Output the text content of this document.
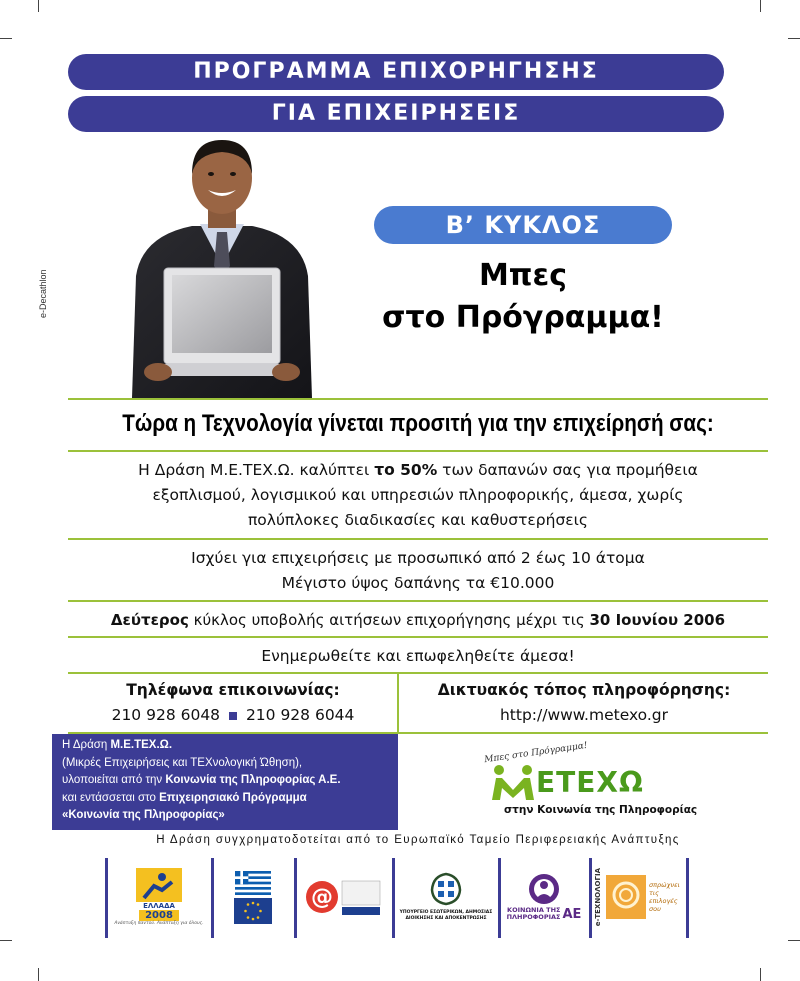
ΠΡΟΓΡΑΜΜΑ ΕΠΙΧΟΡΗΓΗΣΗΣ
ΓΙΑ ΕΠΙΧΕΙΡΗΣΕΙΣ
e-Decathlon
Β’ ΚΥΚΛΟΣ
Μπες
στο Πρόγραμμα!
Τώρα η Τεχνολογία γίνεται προσιτή για την επιχείρησή σας:
Η Δράση Μ.Ε.ΤΕΧ.Ω. καλύπτει το 50% των δαπανών σας για προμήθεια
εξοπλισμού, λογισμικού και υπηρεσιών πληροφορικής, άμεσα, χωρίς
πολύπλοκες διαδικασίες και καθυστερήσεις
Ισχύει για επιχειρήσεις με προσωπικό από 2 έως 10 άτομα
Μέγιστο ύψος δαπάνης τα €10.000
Δεύτερος κύκλος υποβολής αιτήσεων επιχορήγησης μέχρι τις 30 Ιουνίου 2006
Ενημερωθείτε και επωφεληθείτε άμεσα!
Τηλέφωνα επικοινωνίας:
210 928 6048 210 928 6044
Δικτυακός τόπος πληροφόρησης:
http://www.metexo.gr
Η Δράση Μ.Ε.ΤΕΧ.Ω.
(Μικρές Επιχειρήσεις και ΤΕΧνολογική Ώθηση),
υλοποιείται από την Κοινωνία της Πληροφορίας Α.Ε.
και εντάσσεται στο Επιχειρησιακό Πρόγραμμα
«Κοινωνία της Πληροφορίας»
Μπες στο Πρόγραμμα!
ΕΤΕΧΩ
στην Κοινωνία της Πληροφορίας
Η Δράση συγχρηματοδοτείται από το Ευρωπαϊκό Ταμείο Περιφερειακής Ανάπτυξης
ΕΛΛΑΔΑ
2008
Ανάπτυξη παντού. Ανάπτυξη για όλους.
@
ΥΠΟΥΡΓΕΙΟ ΕΣΩΤΕΡΙΚΩΝ, ΔΗΜΟΣΙΑΣ ΔΙΟΙΚΗΣΗΣ ΚΑΙ ΑΠΟΚΕΝΤΡΩΣΗΣ
ΚΟΙΝΩΝΙΑ ΤΗΣ
ΠΛΗΡΟΦΟΡΙΑΣ ΑΕ e-ΤΕΧΝΟΛΟΓΙΑ	σπρώχνει τις επιλογές σου
